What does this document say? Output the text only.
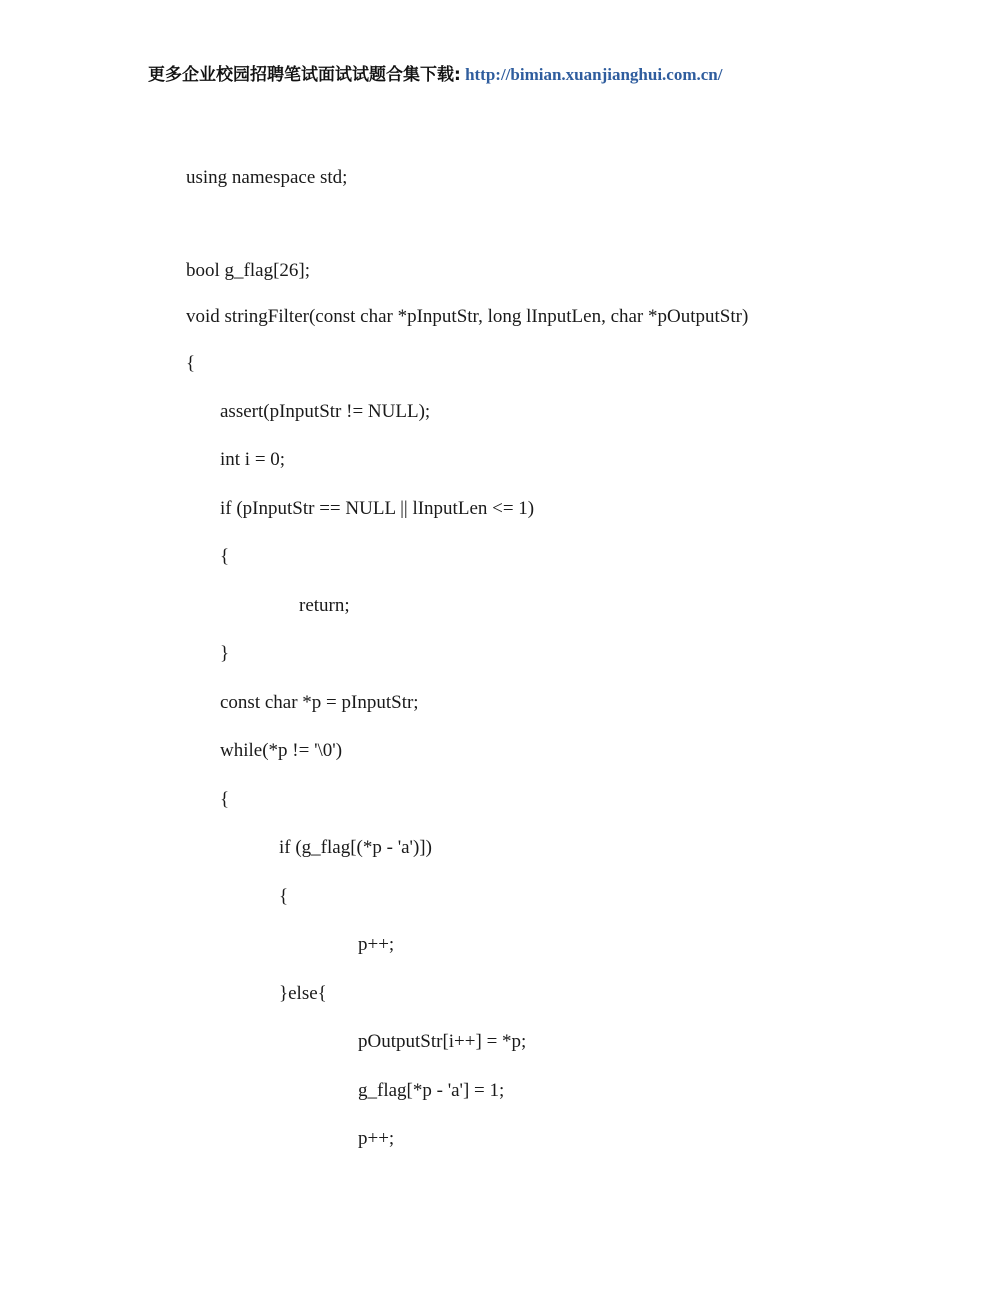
更多企业校园招聘笔试面试试题合集下载: http://bimian.xuanjianghui.com.cn/
using namespace std;
bool g_flag[26];
void stringFilter(const char *pInputStr, long lInputLen, char *pOutputStr)
{
assert(pInputStr != NULL);
int i = 0;
if (pInputStr == NULL || lInputLen <= 1)
{
return;
}
const char *p = pInputStr;
while(*p != '\0')
{
if (g_flag[(*p - 'a')])
{
p++;
}else{
pOutputStr[i++] = *p;
g_flag[*p - 'a'] = 1;
p++;
